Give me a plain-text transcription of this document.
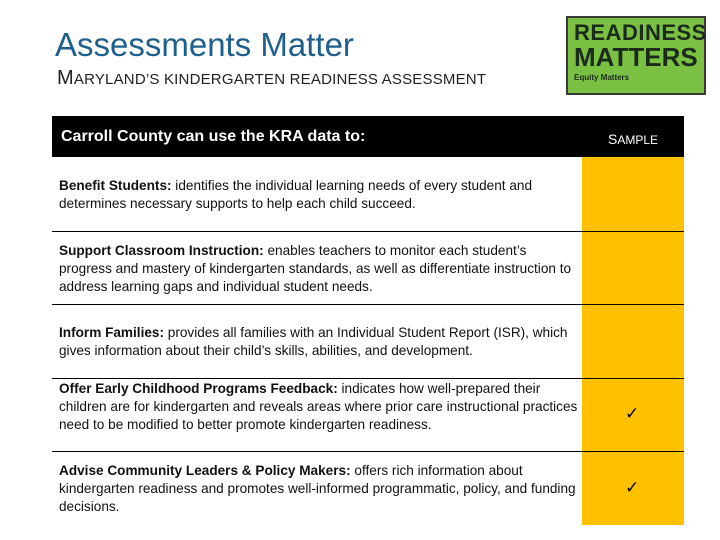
Assessments Matter
MARYLAND’S KINDERGARTEN READINESS ASSESSMENT
READINESS
MATTERS
Equity Matters
Carroll County can use the KRA data to:	SAMPLE
Benefit Students: identifies the individual learning needs of every student and determines necessary supports to help each child succeed.
Support Classroom Instruction: enables teachers to monitor each student’s progress and mastery of kindergarten standards, as well as differentiate instruction to address learning gaps and individual student needs.
Inform Families: provides all families with an Individual Student Report (ISR), which gives information about their child’s skills, abilities, and development.
Offer Early Childhood Programs Feedback: indicates how well-prepared their children are for kindergarten and reveals areas where prior care instructional practices need to be modified to better promote kindergarten readiness.
Advise Community Leaders & Policy Makers: offers rich information about kindergarten readiness and promotes well-informed programmatic, policy, and funding decisions.
✓
✓
